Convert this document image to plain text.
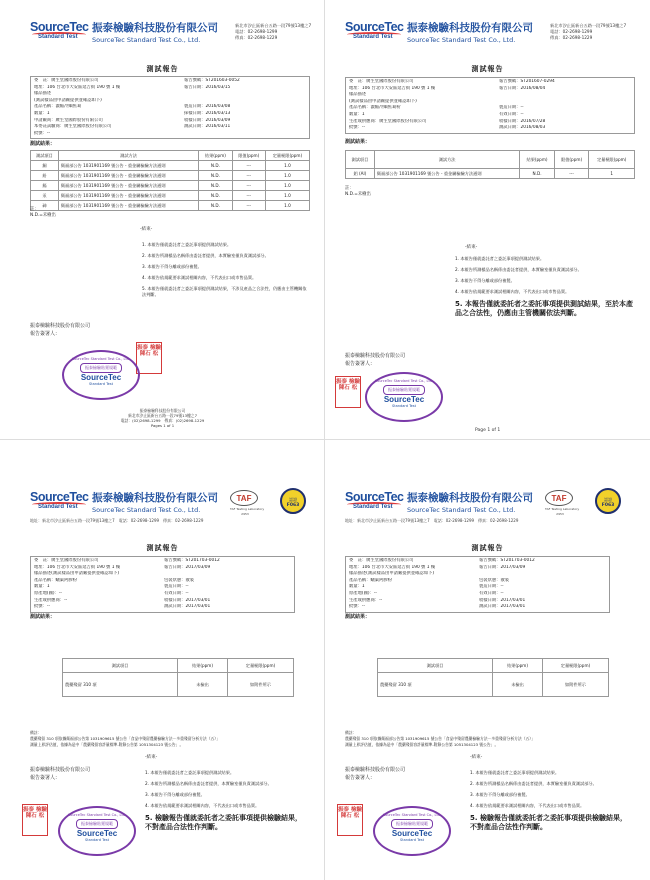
SourceTec
Standard Test
振泰檢驗科技股份有限公司
SourceTec Standard Test Co., Ltd.
新北市汐止區新台五路一段79號13樓之7
電話：02-2698-1299
傳真：02-2698-1229
測試報告
委　託：廣生堂國際股份有限公司	報告號碼：ST201603-0052
地址：106 台北市大安區延吉街 190 號 1 樓	報告日期：2016/03/15
樣品描述
(測試樣品由申請廠提供並確認如下)
產品名稱：濃縮冷緬蕉葛	製造日期：2016/03/08
數量：1	採樣日期：2016/03/13
申請廠商：廣生堂國際股份有限公司	收樣日期：2016/03/09
本委託試驗商：廣生堂國際股份有限公司	測試日期：2016/03/11
批號：--
測試結果：
測試項目	測試方法	結果(ppm)	限值(ppm)	定量極限(ppm)
銅	衛福部公告 1031901169 號公告 - 重金屬檢驗方法通則	N.D.	---	1.0
鉛	衛福部公告 1031901169 號公告 - 重金屬檢驗方法通則	N.D.	---	1.0
鎘	衛福部公告 1031901169 號公告 - 重金屬檢驗方法通則	N.D.	---	1.0
汞	衛福部公告 1031901169 號公告 - 重金屬檢驗方法通則	N.D.	---	1.0
砷	衛福部公告 1031901169 號公告 - 重金屬檢驗方法通則	N.D.	---	1.0
註：
N.D.=未檢出
-結束-
1. 本報告僅就委託者之委託事項提供測試結果。
2. 本報告所測樣品名稱係由委託者提供，本實驗室僅負責測試部分。
3. 本報告不得分離或部份複製。
4. 本報告依規範要求測試相關內容，不代表出口或市售品質。
5. 本報告僅就委託者之委託事項提供測試結果，不涉及產品之合法性，仍應由主管機關依法判斷。
振泰檢驗科技股份有限公司
報告簽署人：
振泰 檢驗 陳石 松
SourceTec Standard Test Co., Ltd.
振泰檢驗貼賣規範
SourceTec
Standard Test
振泰檢驗科技股份有限公司
新北市汐止區新台五路一段79號13樓之7
電話：(02)2698-1299　傳真：(02)2698-1229
Pages 1 of 1
SourceTec
Standard Test
振泰檢驗科技股份有限公司
SourceTec Standard Test Co., Ltd.
新北市汐止區新台五路一段79號13樓之7
電話：02-2698-1299
傳真：02-2698-1229
測試報告
委　託：廣生堂國際股份有限公司	報告號碼：ST201607-0294
地址：106 台北市大安區延吉街 190 號 1 樓	報告日期：2016/08/04
樣品描述
(測試樣品由申請廠提供並確認如下)
產品名稱：濃縮冷緬蕉葛粉	製造日期：--
數量：1	有效日期：--
生產或供應商：廣生堂國際股份有限公司	收樣日期：2016/07/28
批號：--	測試日期：2016/08/03
測試結果：
測試項目	測試方法	結果(ppm)	限值(ppm)	定量極限(ppm)
鋁 (Al)	衛福部公告 1031901169 號公告 - 重金屬檢驗方法通則	N.D.	---	1
註：
N.D.=未檢出
-結束-
1. 本報告僅就委託者之委託事項提供測試結果。
2. 本報告所測樣品名稱係由委託者提供，本實驗室僅負責測試部分。
3. 本報告不得分離或部份複製。
4. 本報告依規範要求測試相關內容，不代表出口或市售品質。
5. 本報告僅就委託者之委託事項提供測試結果，至於本產品之合法性，仍應由主管機關依法判斷。
振泰檢驗科技股份有限公司
報告簽署人：
振泰 檢驗 陳石 松
SourceTec Standard Test Co., Ltd.
振泰檢驗貼賣規範
SourceTec
Standard Test
Page 1 of 1
SourceTec
Standard Test
振泰檢驗科技股份有限公司
SourceTec Standard Test Co., Ltd.
TAF
TAF Testing Laboratory
2953
認證
F063
地址：新北市汐止區新台五路一段79號13樓之7　電話：02-2698-1299　傳真：02-2698-1229
測試報告
委　託：廣生堂國際股份有限公司	報告號碼：ST201703-0012
地址：106 台北市大安區延吉街 190 號 1 樓	報告日期：2017/03/09
樣品描述(測試樣品由申請廠提供並確認如下)
產品名稱：蟻巢阿膠粉	包裝狀態：散裝
數量：1	製造日期：--
原產地(國)：--	有效日期：--
生產或供應商：--	收樣日期：2017/03/01
批號：--	測試日期：2017/03/01
測試結果：
測試項目	結果(ppm)	定量極限(ppm)
農藥殘留 310 項	未檢出	如附件所示
備註：
農藥殘留 310 項依據衛福部公告第 1031909615 號公告「食品中殘留農藥檢驗方法－多重殘留分析方法（五）」
測量上界評估值，依據為是中「農藥殘留容許量標準-附錄公告第 1051304123 號公告」。
-結束-
振泰檢驗科技股份有限公司
報告簽署人：
1. 本報告僅就委託者之委託事項提供測試結果。
2. 本報告所測樣品名稱係由委託者提供，本實驗室僅負責測試部分。
3. 本報告不得分離或部份複製。
4. 本報告依規範要求測試相關內容，不代表出口或市售品質。
5. 檢驗報告僅就委託者之委託事項提供檢驗結果，不對產品合法性作判斷。
振泰 檢驗 陳石 松	SourceTec Standard Test Co., Ltd.
振泰檢驗貼賣規範
SourceTec
Standard Test
SourceTec
Standard Test
振泰檢驗科技股份有限公司
SourceTec Standard Test Co., Ltd.
TAF
TAF Testing Laboratory
2953
認證
F063
地址：新北市汐止區新台五路一段79號13樓之7　電話：02-2698-1299　傳真：02-2698-1229
測試報告
委　託：廣生堂國際股份有限公司	報告號碼：ST201703-0012
地址：106 台北市大安區延吉街 190 號 1 樓	報告日期：2017/03/09
樣品描述(測試樣品由申請廠提供並確認如下)
產品名稱：蟻巢阿膠粉	包裝狀態：散裝
數量：1	製造日期：--
原產地(國)：--	有效日期：--
生產或供應商：--	收樣日期：2017/03/01
批號：--	測試日期：2017/03/01
測試結果：
測試項目	結果(ppm)	定量極限(ppm)
農藥殘留 310 項	未檢出	如附件所示
備註：
農藥殘留 310 項依據衛福部公告第 1031909615 號公告「食品中殘留農藥檢驗方法－多重殘留分析方法（五）」
測量上界評估值，依據為是中「農藥殘留容許量標準-附錄公告第 1051304123 號公告」。
-結束-
振泰檢驗科技股份有限公司
報告簽署人：
1. 本報告僅就委託者之委託事項提供測試結果。
2. 本報告所測樣品名稱係由委託者提供，本實驗室僅負責測試部分。
3. 本報告不得分離或部份複製。
4. 本報告依規範要求測試相關內容，不代表出口或市售品質。
5. 檢驗報告僅就委託者之委託事項提供檢驗結果，不對產品合法性作判斷。
振泰 檢驗 陳石 松	SourceTec Standard Test Co., Ltd.
振泰檢驗貼賣規範
SourceTec
Standard Test
